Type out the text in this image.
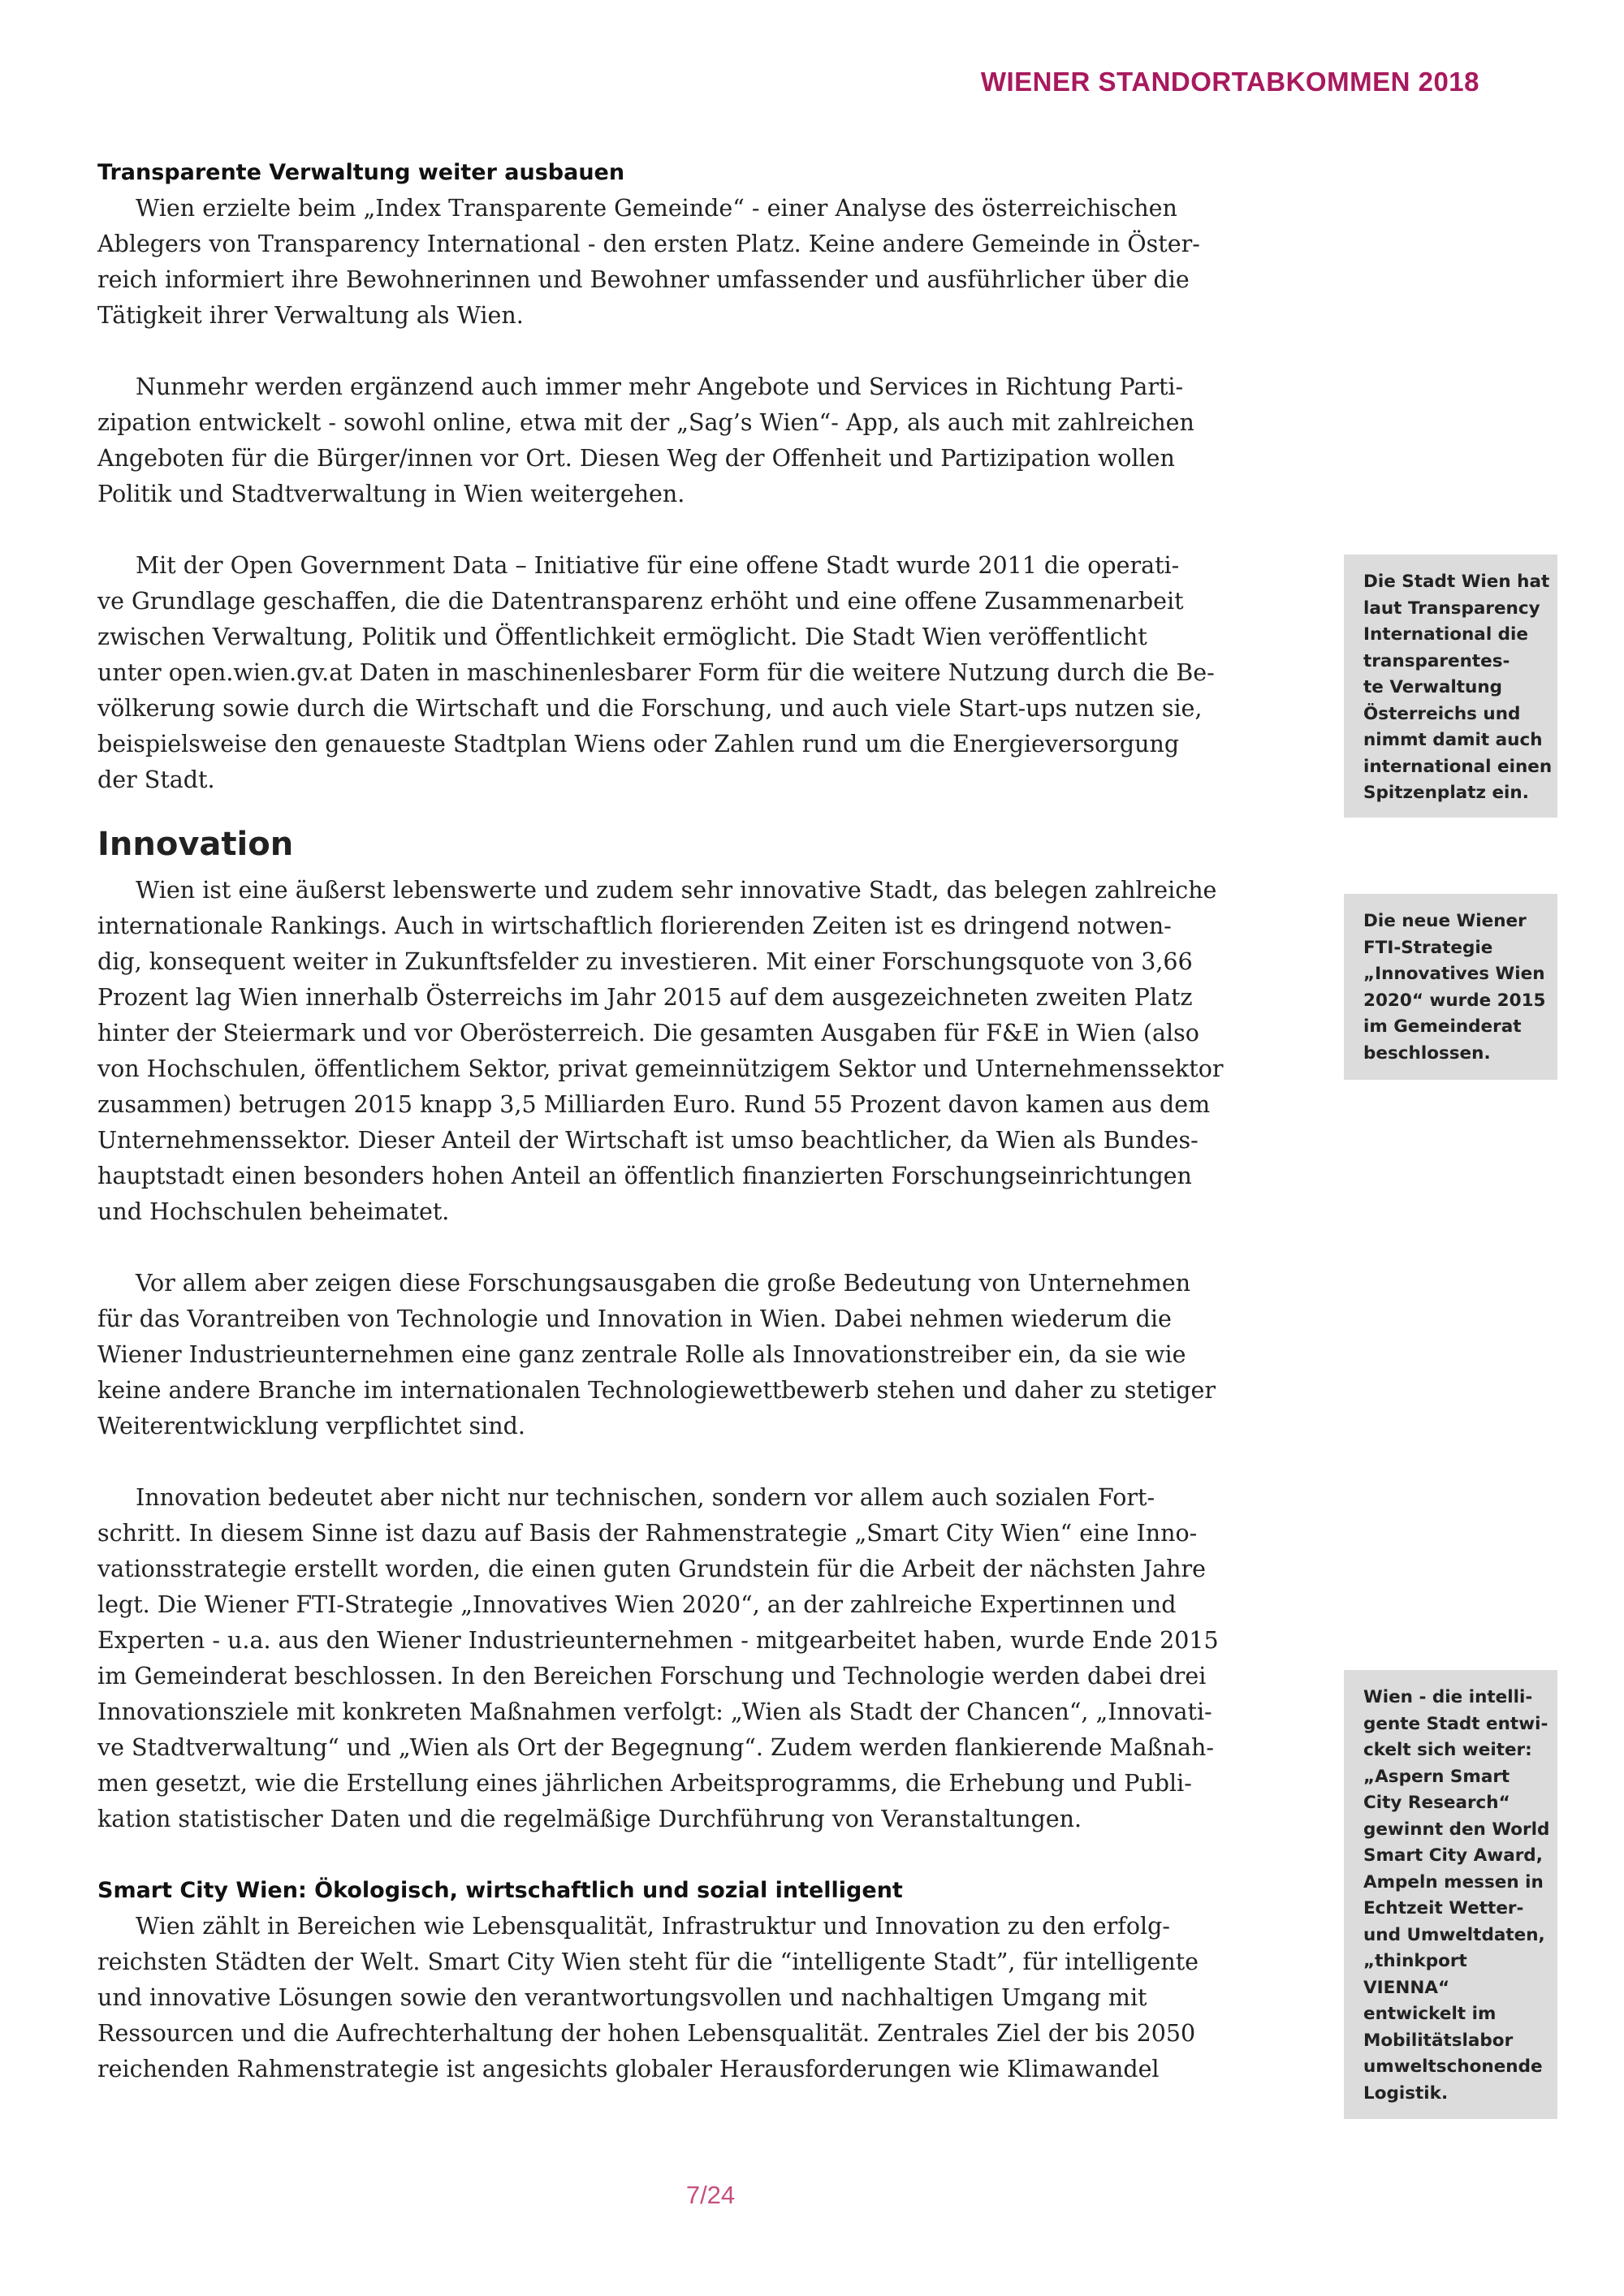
WIENER STANDORTABKOMMEN 2018
Transparente Verwaltung weiter ausbauen
Wien erzielte beim „Index Transparente Gemeinde“ - einer Analyse des österreichischen
Ablegers von Transparency International - den ersten Platz. Keine andere Gemeinde in Öster-
reich informiert ihre Bewohnerinnen und Bewohner umfassender und ausführlicher über die
Tätigkeit ihrer Verwaltung als Wien.
Nunmehr werden ergänzend auch immer mehr Angebote und Services in Richtung Parti-
zipation entwickelt - sowohl online, etwa mit der „Sag’s Wien“- App, als auch mit zahlreichen
Angeboten für die Bürger/innen vor Ort. Diesen Weg der Offenheit und Partizipation wollen
Politik und Stadtverwaltung in Wien weitergehen.
Mit der Open Government Data – Initiative für eine offene Stadt wurde 2011 die operati-
ve Grundlage geschaffen, die die Datentransparenz erhöht und eine offene Zusammenarbeit
zwischen Verwaltung, Politik und Öffentlichkeit ermöglicht. Die Stadt Wien veröffentlicht
unter open.wien.gv.at Daten in maschinenlesbarer Form für die weitere Nutzung durch die Be-
völkerung sowie durch die Wirtschaft und die Forschung, und auch viele Start-ups nutzen sie,
beispielsweise den genaueste Stadtplan Wiens oder Zahlen rund um die Energieversorgung
der Stadt.
Innovation
Wien ist eine äußerst lebenswerte und zudem sehr innovative Stadt, das belegen zahlreiche
internationale Rankings. Auch in wirtschaftlich florierenden Zeiten ist es dringend notwen-
dig, konsequent weiter in Zukunftsfelder zu investieren. Mit einer Forschungsquote von 3,66
Prozent lag Wien innerhalb Österreichs im Jahr 2015 auf dem ausgezeichneten zweiten Platz
hinter der Steiermark und vor Oberösterreich. Die gesamten Ausgaben für F&E in Wien (also
von Hochschulen, öffentlichem Sektor, privat gemeinnützigem Sektor und Unternehmenssektor
zusammen) betrugen 2015 knapp 3,5 Milliarden Euro. Rund 55 Prozent davon kamen aus dem
Unternehmenssektor. Dieser Anteil der Wirtschaft ist umso beachtlicher, da Wien als Bundes-
hauptstadt einen besonders hohen Anteil an öffentlich finanzierten Forschungseinrichtungen
und Hochschulen beheimatet.
Vor allem aber zeigen diese Forschungsausgaben die große Bedeutung von Unternehmen
für das Vorantreiben von Technologie und Innovation in Wien. Dabei nehmen wiederum die
Wiener Industrieunternehmen eine ganz zentrale Rolle als Innovationstreiber ein, da sie wie
keine andere Branche im internationalen Technologiewettbewerb stehen und daher zu stetiger
Weiterentwicklung verpflichtet sind.
Innovation bedeutet aber nicht nur technischen, sondern vor allem auch sozialen Fort-
schritt. In diesem Sinne ist dazu auf Basis der Rahmenstrategie „Smart City Wien“ eine Inno-
vationsstrategie erstellt worden, die einen guten Grundstein für die Arbeit der nächsten Jahre
legt. Die Wiener FTI-Strategie „Innovatives Wien 2020“, an der zahlreiche Expertinnen und
Experten - u.a. aus den Wiener Industrieunternehmen - mitgearbeitet haben, wurde Ende 2015
im Gemeinderat beschlossen. In den Bereichen Forschung und Technologie werden dabei drei
Innovationsziele mit konkreten Maßnahmen verfolgt: „Wien als Stadt der Chancen“, „Innovati-
ve Stadtverwaltung“ und „Wien als Ort der Begegnung“. Zudem werden flankierende Maßnah-
men gesetzt, wie die Erstellung eines jährlichen Arbeitsprogramms, die Erhebung und Publi-
kation statistischer Daten und die regelmäßige Durchführung von Veranstaltungen.
Smart City Wien: Ökologisch, wirtschaftlich und sozial intelligent
Wien zählt in Bereichen wie Lebensqualität, Infrastruktur und Innovation zu den erfolg-
reichsten Städten der Welt. Smart City Wien steht für die “intelligente Stadt”, für intelligente
und innovative Lösungen sowie den verantwortungsvollen und nachhaltigen Umgang mit
Ressourcen und die Aufrechterhaltung der hohen Lebensqualität. Zentrales Ziel der bis 2050
reichenden Rahmenstrategie ist angesichts globaler Herausforderungen wie Klimawandel
Die Stadt Wien hat
laut Transparency
International die
transparentes-
te Verwaltung
Österreichs und
nimmt damit auch
international einen
Spitzenplatz ein.
Die neue Wiener
FTI-Strategie
„Innovatives Wien
2020“ wurde 2015
im Gemeinderat
beschlossen.
Wien - die intelli-
gente Stadt entwi-
ckelt sich weiter:
„Aspern Smart
City Research“
gewinnt den World
Smart City Award,
Ampeln messen in
Echtzeit Wetter-
und Umweltdaten,
„thinkport
VIENNA“
entwickelt im
Mobilitätslabor
umweltschonende
Logistik.
7/24
